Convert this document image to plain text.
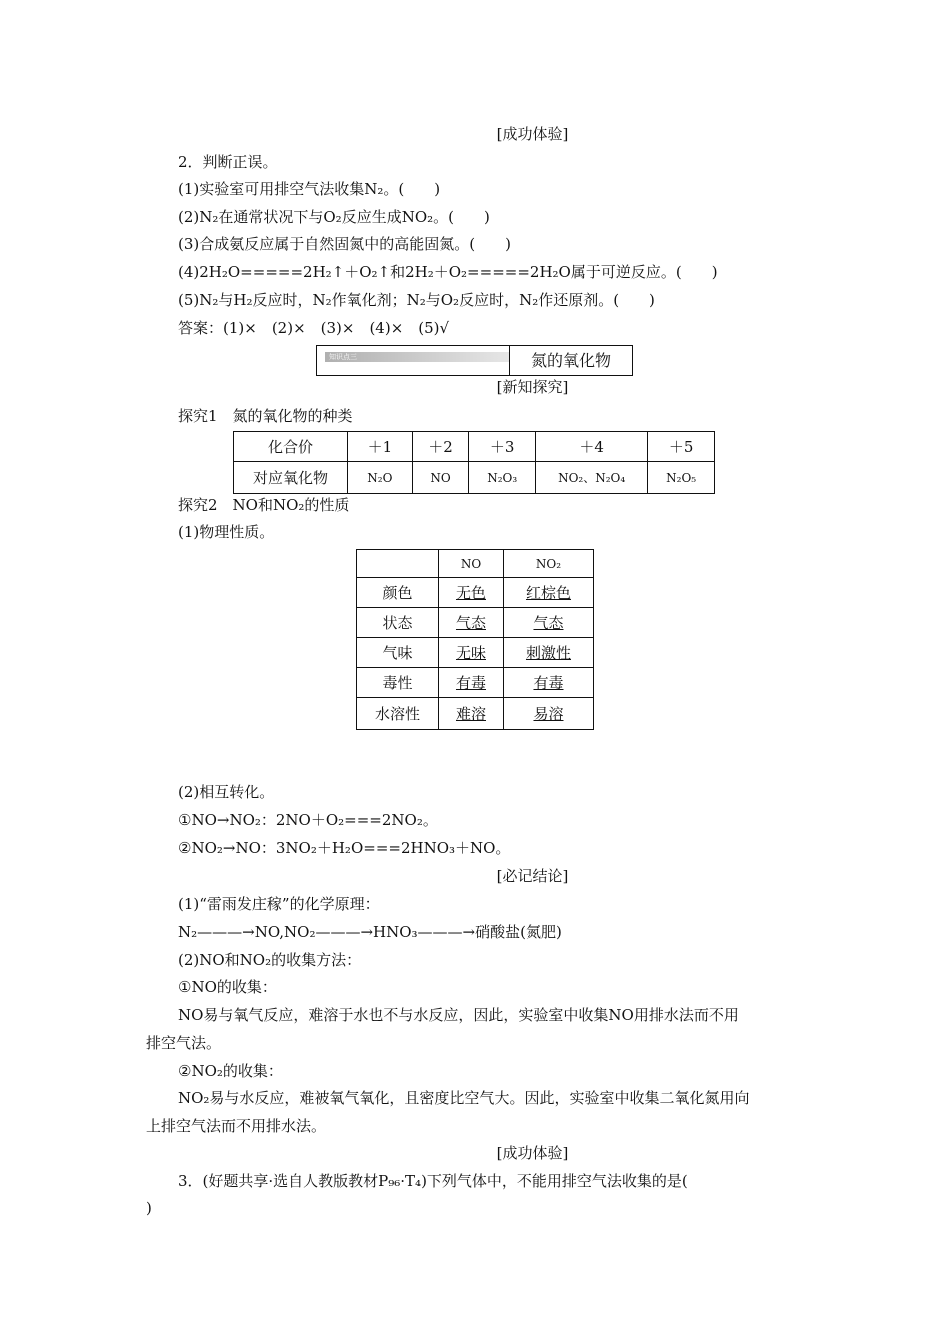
[成功体验]
2．判断正误。
(1)实验室可用排空气法收集N₂。(　　)
(2)N₂在通常状况下与O₂反应生成NO₂。(　　)
(3)合成氨反应属于自然固氮中的高能固氮。(　　)
(4)2H₂O=====2H₂↑＋O₂↑和2H₂＋O₂=====2H₂O属于可逆反应。(　　)
(5)N₂与H₂反应时，N₂作氧化剂；N₂与O₂反应时，N₂作还原剂。(　　)
答案：(1)×　(2)×　(3)×　(4)×　(5)√
知识点三	氮的氧化物
[新知探究]
探究1　氮的氧化物的种类
化合价	＋1	＋2	＋3	＋4	＋5
对应氧化物	N₂O	NO	N₂O₃	NO₂、N₂O₄	N₂O₅
探究2　NO和NO₂的性质
(1)物理性质。
	NO	NO₂
颜色	无色	红棕色
状态	气态	气态
气味	无味	刺激性
毒性	有毒	有毒
水溶性	难溶	易溶
(2)相互转化。
①NO→NO₂：2NO＋O₂===2NO₂。
②NO₂→NO：3NO₂＋H₂O===2HNO₃＋NO。
[必记结论]
(1)“雷雨发庄稼”的化学原理：
N₂———→NO,NO₂———→HNO₃———→硝酸盐(氮肥)
(2)NO和NO₂的收集方法：
①NO的收集：
NO易与氧气反应，难溶于水也不与水反应，因此，实验室中收集NO用排水法而不用
排空气法。
②NO₂的收集：
NO₂易与水反应，难被氧气氧化，且密度比空气大。因此，实验室中收集二氧化氮用向
上排空气法而不用排水法。
[成功体验]
3．(好题共享·选自人教版教材P₉₆·T₄)下列气体中，不能用排空气法收集的是(
)
